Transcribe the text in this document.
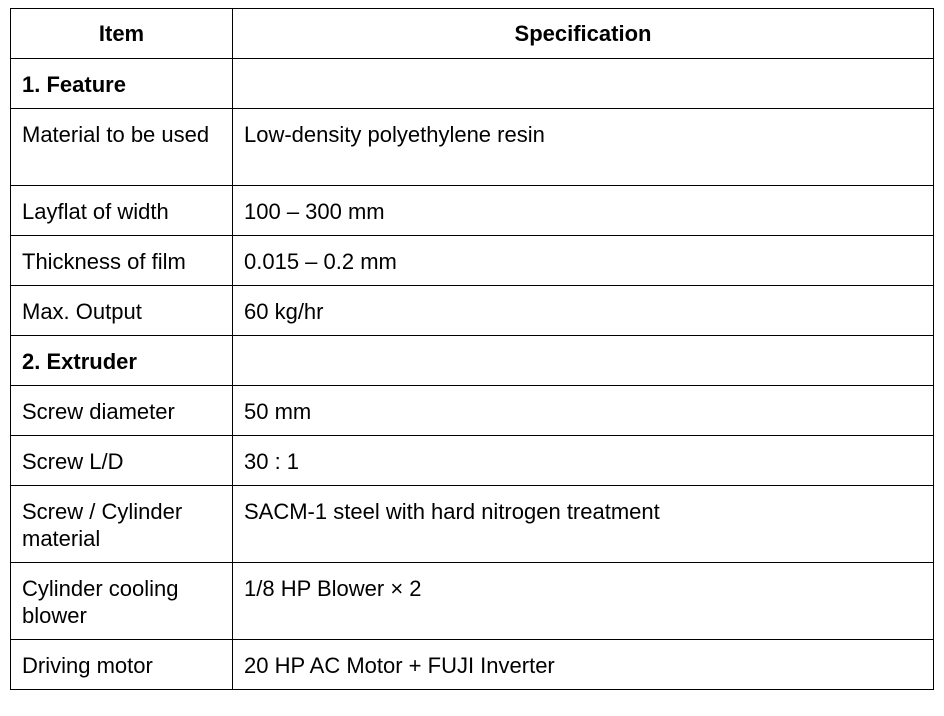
Item	Specification
1. Feature	
Material to be used	Low-density polyethylene resin
Layflat of width	100 – 300 mm
Thickness of film	0.015 – 0.2 mm
Max. Output	60 kg/hr
2. Extruder	
Screw diameter	50 mm
Screw L/D	30 : 1
Screw / Cylinder material	SACM-1 steel with hard nitrogen treatment
Cylinder cooling blower	1/8 HP Blower × 2
Driving motor	20 HP AC Motor + FUJI Inverter
